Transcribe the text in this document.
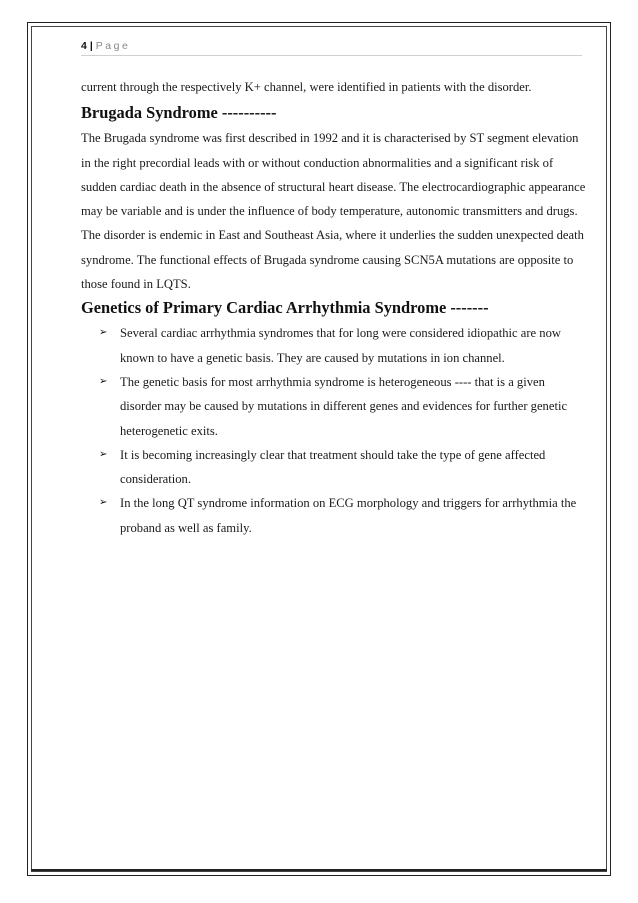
4 | Page

current through the respectively K+ channel, were identified in patients with the disorder.

Brugada Syndrome ----------

The Brugada syndrome was first described in 1992 and it is characterised by ST segment elevation in the right precordial leads with or without conduction abnormalities and a significant risk of sudden cardiac death in the absence of structural heart disease. The electrocardiographic appearance may be variable and is under the influence of body temperature, autonomic transmitters and drugs. The disorder is endemic in East and Southeast Asia, where it underlies the sudden unexpected death syndrome. The functional effects of Brugada syndrome causing SCN5A mutations are opposite to those found in LQTS.

Genetics of Primary Cardiac Arrhythmia Syndrome -------
➢ Several cardiac arrhythmia syndromes that for long were considered idiopathic are now known to have a genetic basis. They are caused by mutations in ion channel.
➢ The genetic basis for most arrhythmia syndrome is heterogeneous ---- that is a given disorder may be caused by mutations in different genes and evidences for further genetic heterogenetic exits.
➢ It is becoming increasingly clear that treatment should take the type of gene affected consideration.
➢ In the long QT syndrome information on ECG morphology and triggers for arrhythmia the proband as well as family.
